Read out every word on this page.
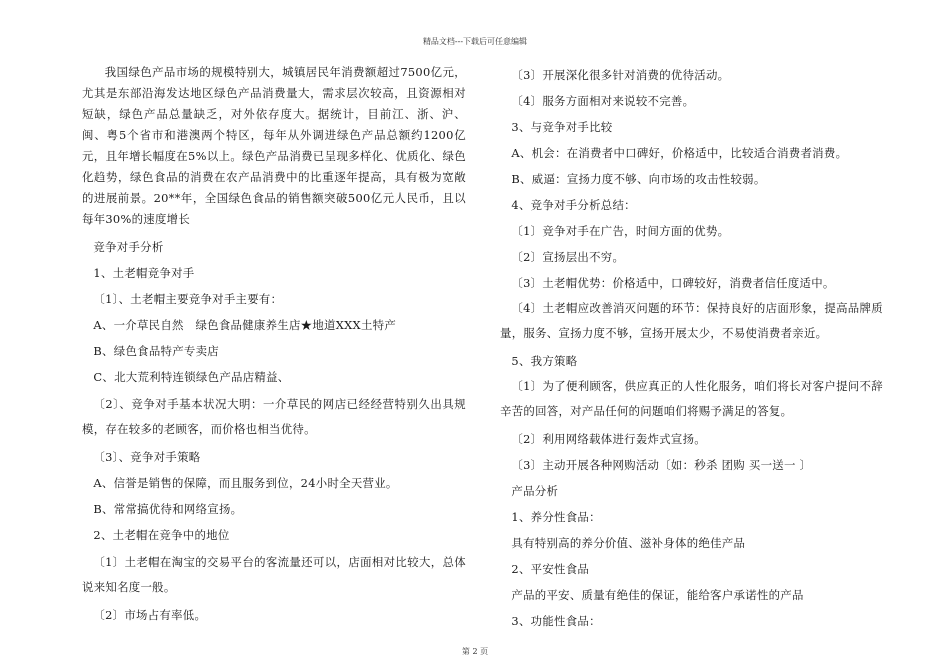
精品文档---下载后可任意编辑

我国绿色产品市场的规模特别大，城镇居民年消费额超过7500亿元，尤其是东部沿海发达地区绿色产品消费量大，需求层次较高，且资源相对短缺，绿色产品总量缺乏，对外依存度大。据统计，目前江、浙、沪、闽、粤5个省市和港澳两个特区，每年从外调进绿色产品总额约1200亿元，且年增长幅度在5%以上。绿色产品消费已呈现多样化、优质化、绿色化趋势，绿色食品的消费在农产品消费中的比重逐年提高，具有极为宽敞的进展前景。20**年，全国绿色食品的销售额突破500亿元人民币，且以每年30%的速度增长

竞争对手分析
1、土老帽竞争对手
〔1〕、土老帽主要竞争对手主要有：
A、一介草民自然　绿色食品健康养生店★地道XXX土特产
B、绿色食品特产专卖店
C、北大荒利特连锁绿色产品店精益、

〔2〕、竞争对手基本状况大明：一介草民的网店已经经营特别久出具规模，存在较多的老顾客，而价格也相当优待。

〔3〕、竞争对手策略
A、信誉是销售的保障，而且服务到位，24小时全天营业。
B、常常搞优待和网络宣扬。
2、土老帽在竞争中的地位

〔1〕土老帽在淘宝的交易平台的客流量还可以，店面相对比较大，总体说来知名度一般。

〔2〕市场占有率低。
〔3〕开展深化很多针对消费的优待活动。
〔4〕服务方面相对来说较不完善。
3、与竞争对手比较
A、机会：在消费者中口碑好，价格适中，比较适合消费者消费。
B、威逼：宣扬力度不够、向市场的攻击性较弱。
4、竞争对手分析总结：
〔1〕竞争对手在广告，时间方面的优势。
〔2〕宣扬层出不穷。
〔3〕土老帽优势：价格适中，口碑较好，消费者信任度适中。

〔4〕土老帽应改善消灭问题的环节：保持良好的店面形象，提高品牌质量，服务、宣扬力度不够，宣扬开展太少，不易使消费者亲近。

5、我方策略

〔1〕为了便利顾客，供应真正的人性化服务，咱们将长对客户提问不辞辛苦的回答，对产品任何的问题咱们将赐予满足的答复。

〔2〕利用网络载体进行轰炸式宣扬。
〔3〕主动开展各种网购活动〔如：秒杀 团购 买一送一 〕
产品分析
1、养分性食品：
具有特别高的养分价值、滋补身体的绝佳产品
2、平安性食品
产品的平安、质量有绝佳的保证，能给客户承诺性的产品
3、功能性食品：
第 2 页
